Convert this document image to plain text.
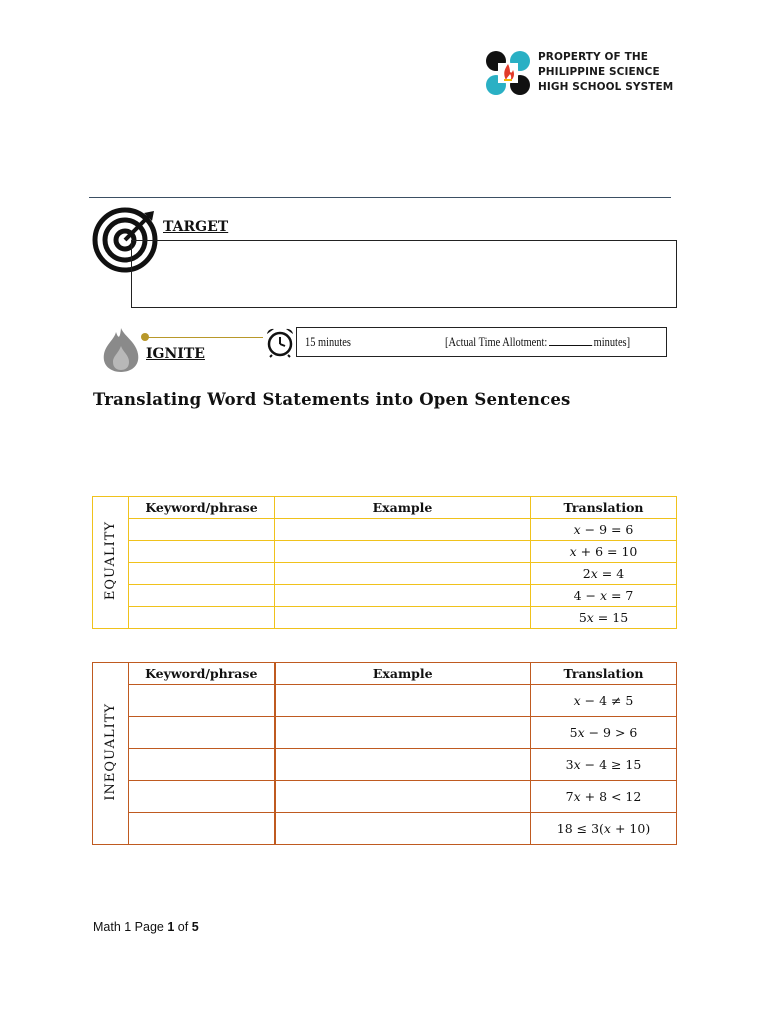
PROPERTY OF THE
PHILIPPINE SCIENCE
HIGH SCHOOL SYSTEM
TARGET
IGNITE
15 minutes	[Actual Time Allotment:	minutes]
Translating Word Statements into Open Sentences
EQUALITY	Keyword/phrase	Example	Translation
			𝑥 − 9 = 6
			𝑥 + 6 = 10
			2𝑥 = 4
			4 − 𝑥 = 7
			5𝑥 = 15
INEQUALITY	Keyword/phrase	Example	Translation
			𝑥 − 4 ≠ 5
			5𝑥 − 9 > 6
			3𝑥 − 4 ≥ 15
			7𝑥 + 8 < 12
			18 ≤ 3(𝑥 + 10)
Math 1 Page 1 of 5
